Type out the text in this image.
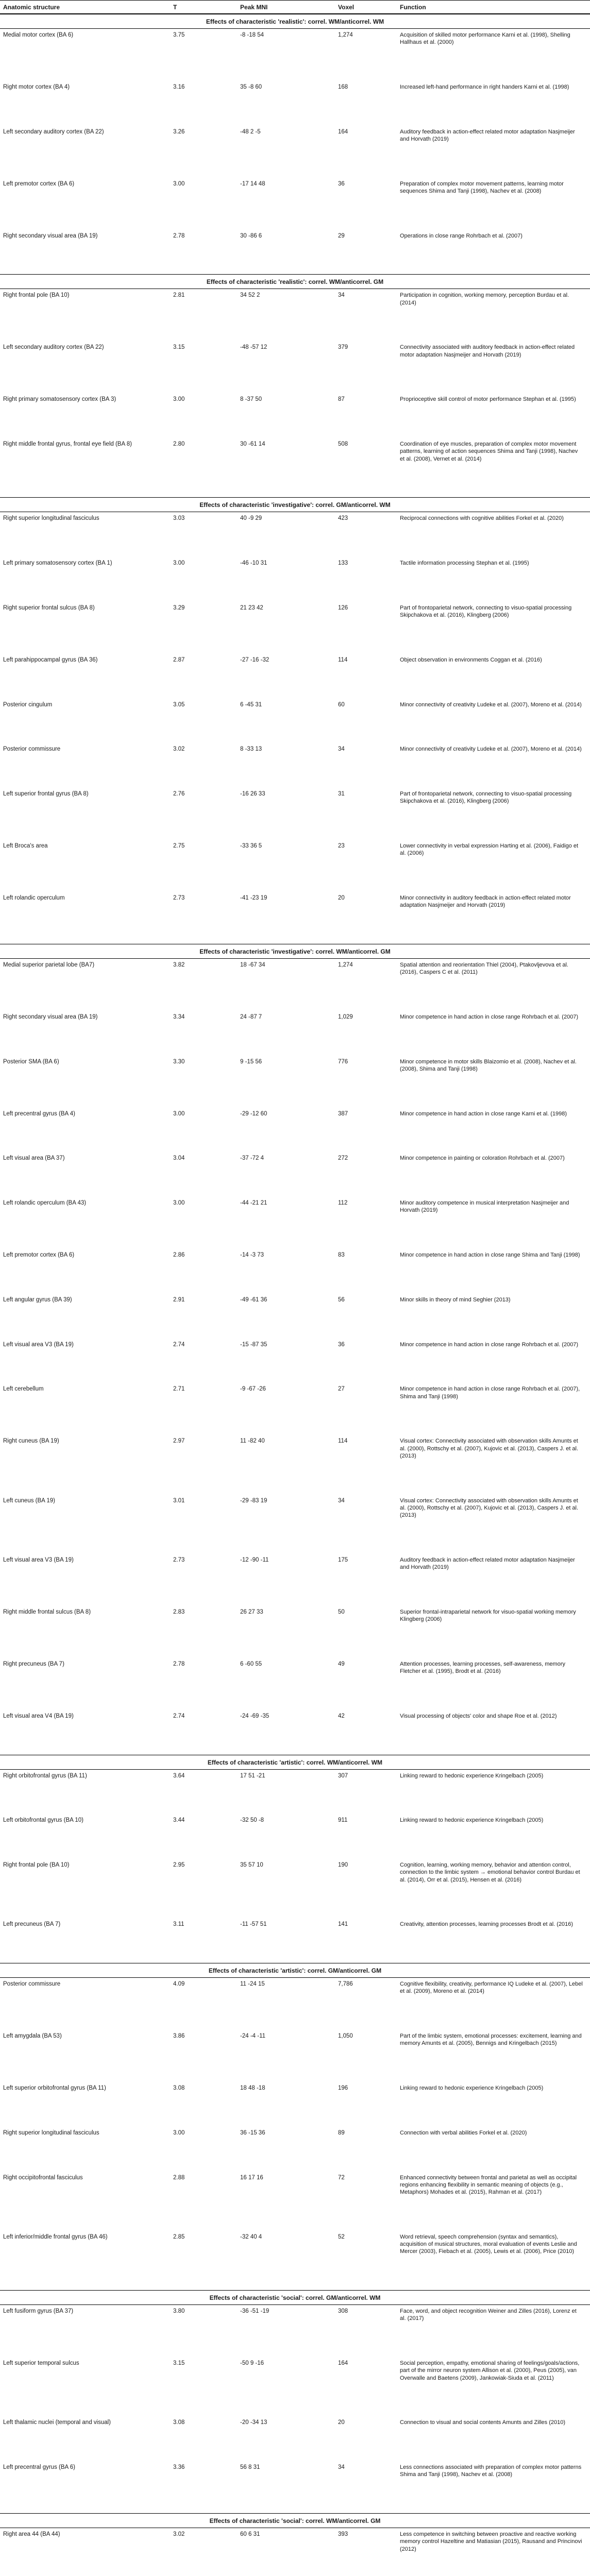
Anatomic structure	T	Peak MNI	Voxel	Function
Effects of characteristic 'realistic': correl. WM/anticorrel. WM
Medial motor cortex (BA 6)	3.75	-8 -18 54	1,274	Acquisition of skilled motor performance Karni et al. (1998), Shelling Hallhaus et al. (2000)
Right motor cortex (BA 4)	3.16	35 -8 60	168	Increased left-hand performance in right handers Karni et al. (1998)
Left secondary auditory cortex (BA 22)	3.26	-48 2 -5	164	Auditory feedback in action-effect related motor adaptation Nasjmeijer and Horvath (2019)
Left premotor cortex (BA 6)	3.00	-17 14 48	36	Preparation of complex motor movement patterns, learning motor sequences Shima and Tanji (1998), Nachev et al. (2008)
Right secondary visual area (BA 19)	2.78	30 -86 6	29	Operations in close range Rohrbach et al. (2007)
Effects of characteristic 'realistic': correl. WM/anticorrel. GM
Right frontal pole (BA 10)	2.81	34 52 2	34	Participation in cognition, working memory, perception Burdau et al. (2014)
Left secondary auditory cortex (BA 22)	3.15	-48 -57 12	379	Connectivity associated with auditory feedback in action-effect related motor adaptation Nasjmeijer and Horvath (2019)
Right primary somatosensory cortex (BA 3)	3.00	8 -37 50	87	Proprioceptive skill control of motor performance Stephan et al. (1995)
Right middle frontal gyrus, frontal eye field (BA 8)	2.80	30 -61 14	508	Coordination of eye muscles, preparation of complex motor movement patterns, learning of action sequences Shima and Tanji (1998), Nachev et al. (2008), Vernet et al. (2014)
Effects of characteristic 'investigative': correl. GM/anticorrel. WM
Right superior longitudinal fasciculus	3.03	40 -9 29	423	Reciprocal connections with cognitive abilities Forkel et al. (2020)
Left primary somatosensory cortex (BA 1)	3.00	-46 -10 31	133	Tactile information processing Stephan et al. (1995)
Right superior frontal sulcus (BA 8)	3.29	21 23 42	126	Part of frontoparietal network, connecting to visuo-spatial processing Skipchakova et al. (2016), Klingberg (2006)
Left parahippocampal gyrus (BA 36)	2.87	-27 -16 -32	114	Object observation in environments Coggan et al. (2016)
Posterior cingulum	3.05	6 -45 31	60	Minor connectivity of creativity Ludeke et al. (2007), Moreno et al. (2014)
Posterior commissure	3.02	8 -33 13	34	Minor connectivity of creativity Ludeke et al. (2007), Moreno et al. (2014)
Left superior frontal gyrus (BA 8)	2.76	-16 26 33	31	Part of frontoparietal network, connecting to visuo-spatial processing Skipchakova et al. (2016), Klingberg (2006)
Left Broca's area	2.75	-33 36 5	23	Lower connectivity in verbal expression Harting et al. (2006), Faidigo et al. (2006)
Left rolandic operculum	2.73	-41 -23 19	20	Minor connectivity in auditory feedback in action-effect related motor adaptation Nasjmeijer and Horvath (2019)
Effects of characteristic 'investigative': correl. WM/anticorrel. GM
Medial superior parietal lobe (BA7)	3.82	18 -67 34	1,274	Spatial attention and reorientation Thiel (2004), Ptakovljevova et al. (2016), Caspers C et al. (2011)
Right secondary visual area (BA 19)	3.34	24 -87 7	1,029	Minor competence in hand action in close range Rohrbach et al. (2007)
Posterior SMA (BA 6)	3.30	9 -15 56	776	Minor competence in motor skills Blaizomio et al. (2008), Nachev et al. (2008), Shima and Tanji (1998)
Left precentral gyrus (BA 4)	3.00	-29 -12 60	387	Minor competence in hand action in close range Karni et al. (1998)
Left visual area (BA 37)	3.04	-37 -72 4	272	Minor competence in painting or coloration Rohrbach et al. (2007)
Left rolandic operculum (BA 43)	3.00	-44 -21 21	112	Minor auditory competence in musical interpretation Nasjmeijer and Horvath (2019)
Left premotor cortex (BA 6)	2.86	-14 -3 73	83	Minor competence in hand action in close range Shima and Tanji (1998)
Left angular gyrus (BA 39)	2.91	-49 -61 36	56	Minor skills in theory of mind Seghier (2013)
Left visual area V3 (BA 19)	2.74	-15 -87 35	36	Minor competence in hand action in close range Rohrbach et al. (2007)
Left cerebellum	2.71	-9 -67 -26	27	Minor competence in hand action in close range Rohrbach et al. (2007), Shima and Tanji (1998)
Right cuneus (BA 19)	2.97	11 -82 40	114	Visual cortex: Connectivity associated with observation skills Amunts et al. (2000), Rottschy et al. (2007), Kujovic et al. (2013), Caspers J. et al. (2013)
Left cuneus (BA 19)	3.01	-29 -83 19	34	Visual cortex: Connectivity associated with observation skills Amunts et al. (2000), Rottschy et al. (2007), Kujovic et al. (2013), Caspers J. et al. (2013)
Left visual area V3 (BA 19)	2.73	-12 -90 -11	175	Auditory feedback in action-effect related motor adaptation Nasjmeijer and Horvath (2019)
Right middle frontal sulcus (BA 8)	2.83	26 27 33	50	Superior frontal-intraparietal network for visuo-spatial working memory Klingberg (2006)
Right precuneus (BA 7)	2.78	6 -60 55	49	Attention processes, learning processes, self-awareness, memory Fletcher et al. (1995), Brodt et al. (2016)
Left visual area V4 (BA 19)	2.74	-24 -69 -35	42	Visual processing of objects' color and shape Roe et al. (2012)
Effects of characteristic 'artistic': correl. WM/anticorrel. WM
Right orbitofrontal gyrus (BA 11)	3.64	17 51 -21	307	Linking reward to hedonic experience Kringelbach (2005)
Left orbitofrontal gyrus (BA 10)	3.44	-32 50 -8	911	Linking reward to hedonic experience Kringelbach (2005)
Right frontal pole (BA 10)	2.95	35 57 10	190	Cognition, learning, working memory, behavior and attention control, connection to the limbic system → emotional behavior control Burdau et al. (2014), Orr et al. (2015), Hensen et al. (2016)
Left precuneus (BA 7)	3.11	-11 -57 51	141	Creativity, attention processes, learning processes Brodt et al. (2016)
Effects of characteristic 'artistic': correl. GM/anticorrel. GM
Posterior commissure	4.09	11 -24 15	7,786	Cognitive flexibility, creativity, performance IQ Ludeke et al. (2007), Lebel et al. (2009), Moreno et al. (2014)
Left amygdala (BA 53)	3.86	-24 -4 -11	1,050	Part of the limbic system, emotional processes: excitement, learning and memory Amunts et al. (2005), Bennigs and Kringelbach (2015)
Left superior orbitofrontal gyrus (BA 11)	3.08	18 48 -18	196	Linking reward to hedonic experience Kringelbach (2005)
Right superior longitudinal fasciculus	3.00	36 -15 36	89	Connection with verbal abilities Forkel et al. (2020)
Right occipitofrontal fasciculus	2.88	16 17 16	72	Enhanced connectivity between frontal and parietal as well as occipital regions enhancing flexibility in semantic meaning of objects (e.g., Metaphors) Mohades et al. (2015), Rahman et al. (2017)
Left inferior/middle frontal gyrus (BA 46)	2.85	-32 40 4	52	Word retrieval, speech comprehension (syntax and semantics), acquisition of musical structures, moral evaluation of events Leslie and Mercer (2003), Fiebach et al. (2005), Lewis et al. (2006), Price (2010)
Effects of characteristic 'social': correl. GM/anticorrel. WM
Left fusiform gyrus (BA 37)	3.80	-36 -51 -19	308	Face, word, and object recognition Weiner and Zilles (2016), Lorenz et al. (2017)
Left superior temporal sulcus	3.15	-50 9 -16	164	Social perception, empathy, emotional sharing of feelings/goals/actions, part of the mirror neuron system Allison et al. (2000), Peus (2005), van Overwalle and Baetens (2009), Jankowiak-Siuda et al. (2011)
Left thalamic nuclei (temporal and visual)	3.08	-20 -34 13	20	Connection to visual and social contents Amunts and Zilles (2010)
Left precentral gyrus (BA 6)	3.36	56 8 31	34	Less connections associated with preparation of complex motor patterns Shima and Tanji (1998), Nachev et al. (2008)
Effects of characteristic 'social': correl. WM/anticorrel. GM
Right area 44 (BA 44)	3.02	60 6 31	393	Less competence in switching between proactive and reactive working memory control Hazeltine and Matiasian (2015), Rausand and Princinovi (2012)
